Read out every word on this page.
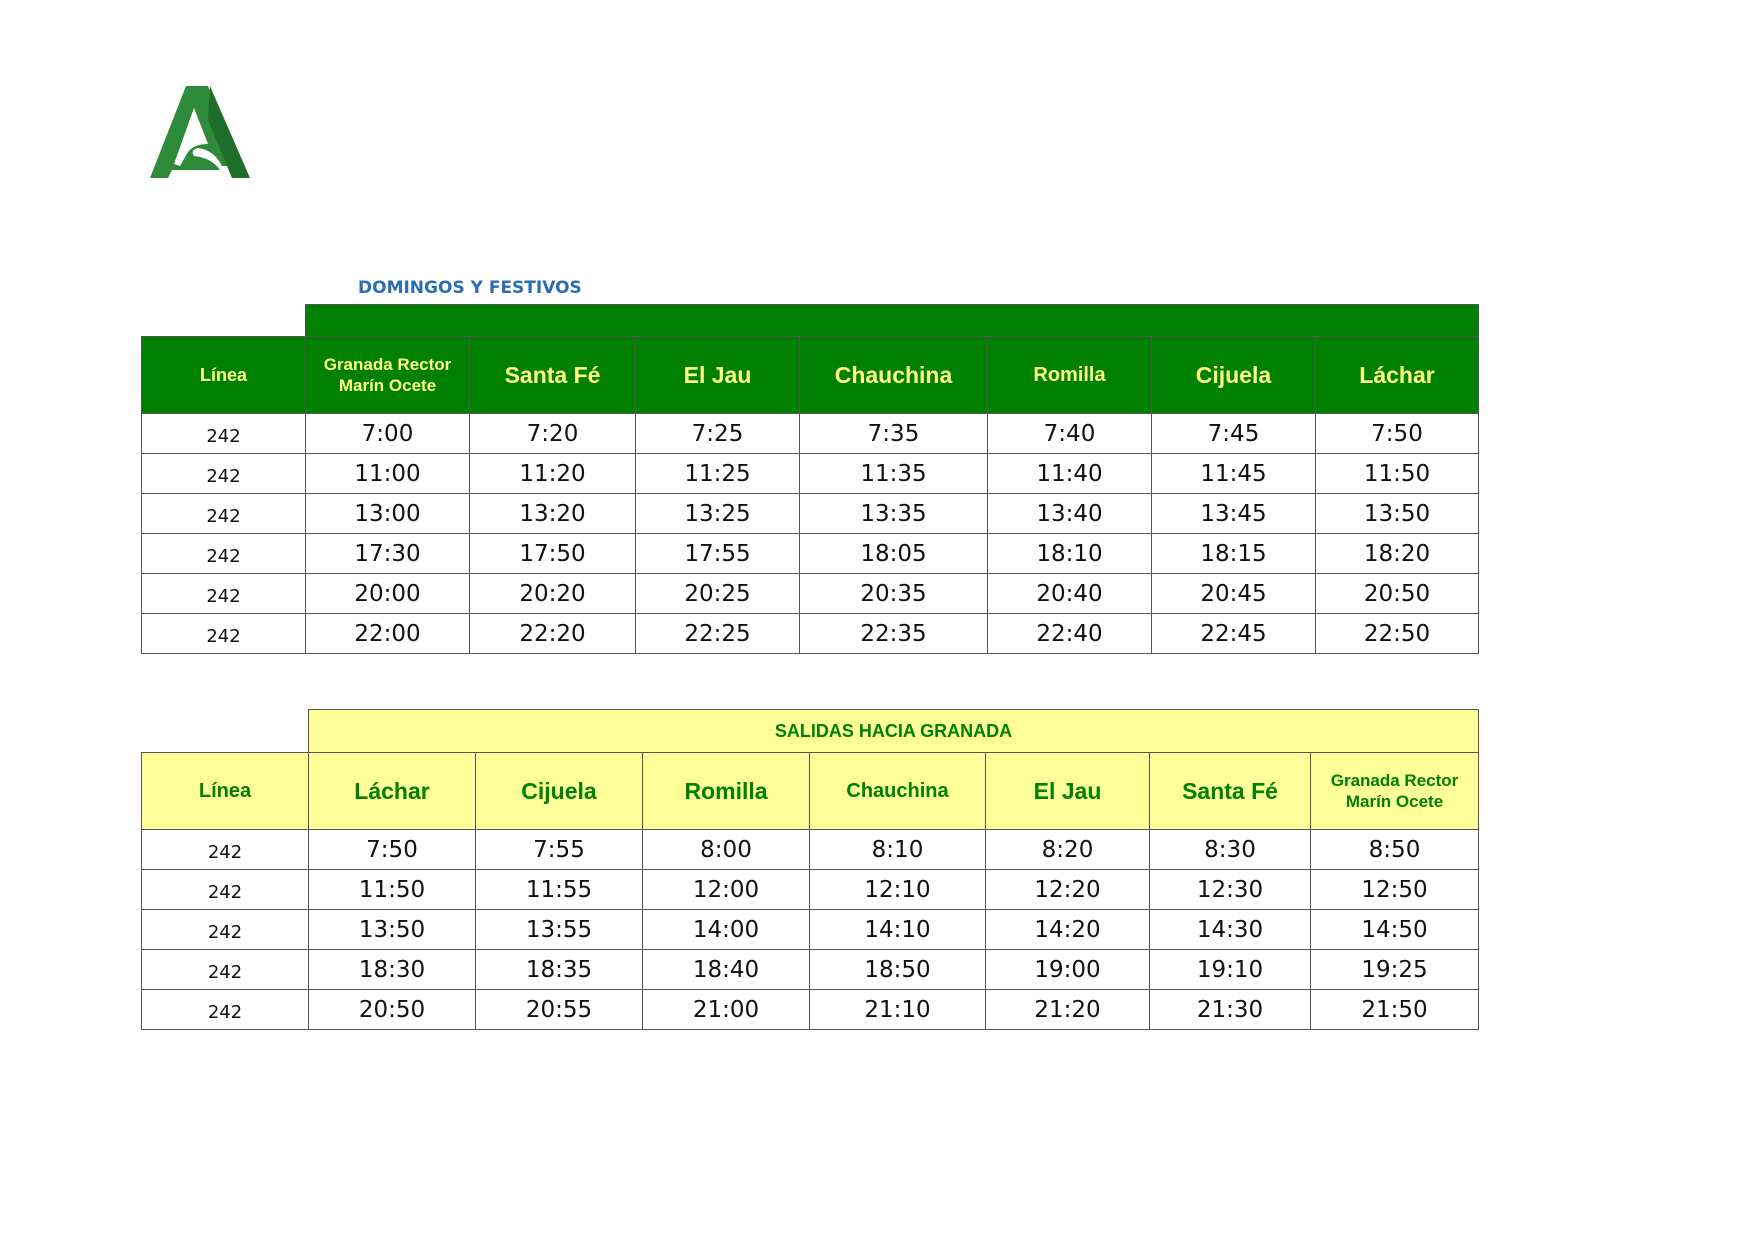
DOMINGOS Y FESTIVOS

Línea	Granada Rector Marín Ocete	Santa Fé	El Jau	Chauchina	Romilla	Cijuela	Láchar
242	7:00	7:20	7:25	7:35	7:40	7:45	7:50
242	11:00	11:20	11:25	11:35	11:40	11:45	11:50
242	13:00	13:20	13:25	13:35	13:40	13:45	13:50
242	17:30	17:50	17:55	18:05	18:10	18:15	18:20
242	20:00	20:20	20:25	20:35	20:40	20:45	20:50
242	22:00	22:20	22:25	22:35	22:40	22:45	22:50
	SALIDAS HACIA GRANADA						
Línea	Láchar	Cijuela	Romilla	Chauchina	El Jau	Santa Fé	Granada Rector Marín Ocete
242	7:50	7:55	8:00	8:10	8:20	8:30	8:50
242	11:50	11:55	12:00	12:10	12:20	12:30	12:50
242	13:50	13:55	14:00	14:10	14:20	14:30	14:50
242	18:30	18:35	18:40	18:50	19:00	19:10	19:25
242	20:50	20:55	21:00	21:10	21:20	21:30	21:50
